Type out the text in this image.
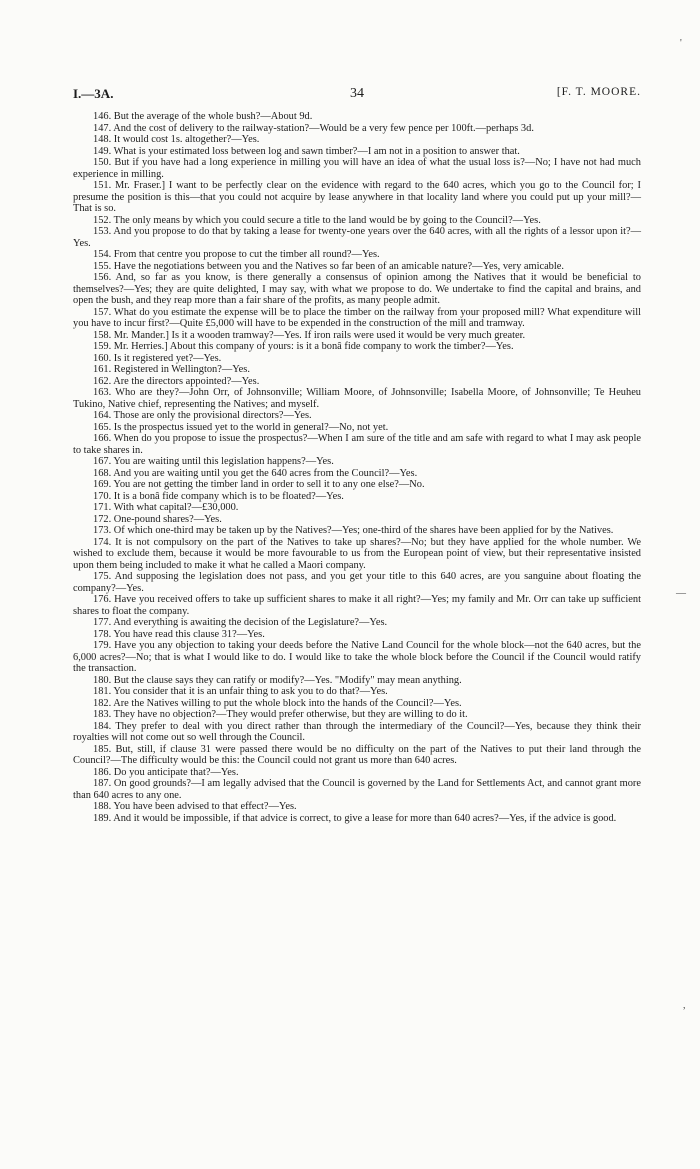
I.—3A.	34	[F. T. MOORE.

146. But the average of the whole bush?—About 9d.

147. And the cost of delivery to the railway-station?—Would be a very few pence per 100ft.—perhaps 3d.

148. It would cost 1s. altogether?—Yes.

149. What is your estimated loss between log and sawn timber?—I am not in a position to answer that.

150. But if you have had a long experience in milling you will have an idea of what the usual loss is?—No; I have not had much experience in milling.

151. Mr. Fraser.] I want to be perfectly clear on the evidence with regard to the 640 acres, which you go to the Council for; I presume the position is this—that you could not acquire by lease anywhere in that locality land where you could put up your mill?—That is so.

152. The only means by which you could secure a title to the land would be by going to the Council?—Yes.

153. And you propose to do that by taking a lease for twenty-one years over the 640 acres, with all the rights of a lessor upon it?—Yes.

154. From that centre you propose to cut the timber all round?—Yes.

155. Have the negotiations between you and the Natives so far been of an amicable nature?—Yes, very amicable.

156. And, so far as you know, is there generally a consensus of opinion among the Natives that it would be beneficial to themselves?—Yes; they are quite delighted, I may say, with what we propose to do. We undertake to find the capital and brains, and open the bush, and they reap more than a fair share of the profits, as many people admit.

157. What do you estimate the expense will be to place the timber on the railway from your proposed mill? What expenditure will you have to incur first?—Quite £5,000 will have to be expended in the construction of the mill and tramway.

158. Mr. Mander.] Is it a wooden tramway?—Yes. If iron rails were used it would be very much greater.

159. Mr. Herries.] About this company of yours: is it a bonâ fide company to work the timber?—Yes.

160. Is it registered yet?—Yes.

161. Registered in Wellington?—Yes.

162. Are the directors appointed?—Yes.

163. Who are they?—John Orr, of Johnsonville; William Moore, of Johnsonville; Isabella Moore, of Johnsonville; Te Heuheu Tukino, Native chief, representing the Natives; and myself.

164. Those are only the provisional directors?—Yes.

165. Is the prospectus issued yet to the world in general?—No, not yet.

166. When do you propose to issue the prospectus?—When I am sure of the title and am safe with regard to what I may ask people to take shares in.

167. You are waiting until this legislation happens?—Yes.

168. And you are waiting until you get the 640 acres from the Council?—Yes.

169. You are not getting the timber land in order to sell it to any one else?—No.

170. It is a bonâ fide company which is to be floated?—Yes.

171. With what capital?—£30,000.

172. One-pound shares?—Yes.

173. Of which one-third may be taken up by the Natives?—Yes; one-third of the shares have been applied for by the Natives.

174. It is not compulsory on the part of the Natives to take up shares?—No; but they have applied for the whole number. We wished to exclude them, because it would be more favourable to us from the European point of view, but their representative insisted upon them being included to make it what he called a Maori company.

175. And supposing the legislation does not pass, and you get your title to this 640 acres, are you sanguine about floating the company?—Yes.

176. Have you received offers to take up sufficient shares to make it all right?—Yes; my family and Mr. Orr can take up sufficient shares to float the company.

177. And everything is awaiting the decision of the Legislature?—Yes.

178. You have read this clause 31?—Yes.

179. Have you any objection to taking your deeds before the Native Land Council for the whole block—not the 640 acres, but the 6,000 acres?—No; that is what I would like to do. I would like to take the whole block before the Council if the Council would ratify the transaction.

180. But the clause says they can ratify or modify?—Yes. "Modify" may mean anything.

181. You consider that it is an unfair thing to ask you to do that?—Yes.

182. Are the Natives willing to put the whole block into the hands of the Council?—Yes.

183. They have no objection?—They would prefer otherwise, but they are willing to do it.

184. They prefer to deal with you direct rather than through the intermediary of the Council?—Yes, because they think their royalties will not come out so well through the Council.

185. But, still, if clause 31 were passed there would be no difficulty on the part of the Natives to put their land through the Council?—The difficulty would be this: the Council could not grant us more than 640 acres.

186. Do you anticipate that?—Yes.

187. On good grounds?—I am legally advised that the Council is governed by the Land for Settlements Act, and cannot grant more than 640 acres to any one.

188. You have been advised to that effect?—Yes.

189. And it would be impossible, if that advice is correct, to give a lease for more than 640 acres?—Yes, if the advice is good.

'
—
,
